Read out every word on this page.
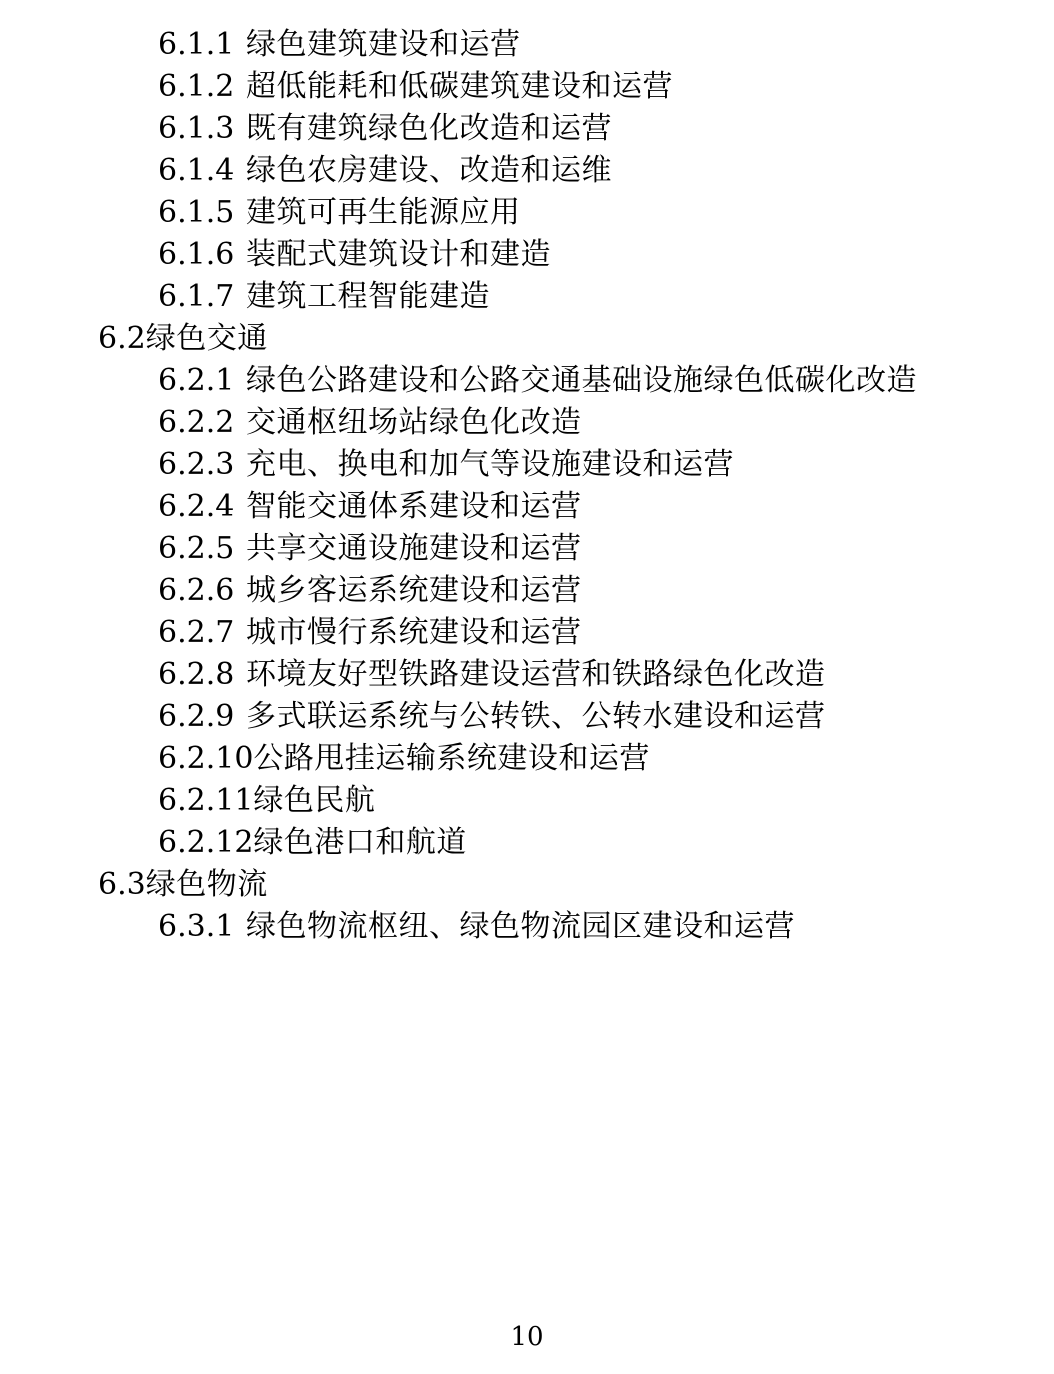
6.1.1 绿色建筑建设和运营
6.1.2 超低能耗和低碳建筑建设和运营
6.1.3 既有建筑绿色化改造和运营
6.1.4 绿色农房建设、改造和运维
6.1.5 建筑可再生能源应用
6.1.6 装配式建筑设计和建造
6.1.7 建筑工程智能建造
6.2绿色交通
6.2.1 绿色公路建设和公路交通基础设施绿色低碳化改造
6.2.2 交通枢纽场站绿色化改造
6.2.3 充电、换电和加气等设施建设和运营
6.2.4 智能交通体系建设和运营
6.2.5 共享交通设施建设和运营
6.2.6 城乡客运系统建设和运营
6.2.7 城市慢行系统建设和运营
6.2.8 环境友好型铁路建设运营和铁路绿色化改造
6.2.9 多式联运系统与公转铁、公转水建设和运营
6.2.10公路甩挂运输系统建设和运营
6.2.11绿色民航
6.2.12绿色港口和航道
6.3绿色物流
6.3.1 绿色物流枢纽、绿色物流园区建设和运营
10
